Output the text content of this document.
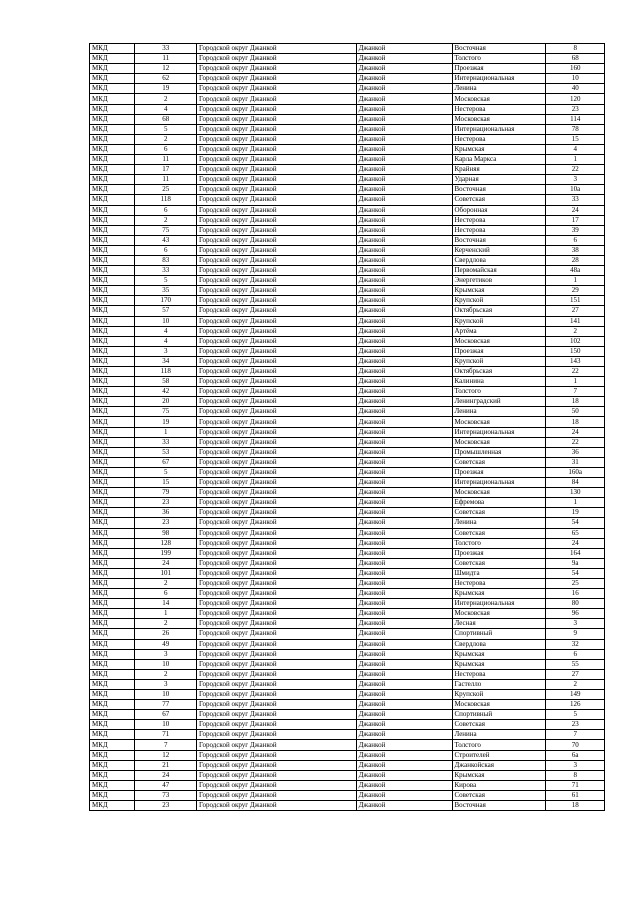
МКД	33	Городской округ Джанкой	Джанкой	Восточная	8
МКД	11	Городской округ Джанкой	Джанкой	Толстого	68
МКД	12	Городской округ Джанкой	Джанкой	Проезжая	160
МКД	62	Городской округ Джанкой	Джанкой	Интернациональная	10
МКД	19	Городской округ Джанкой	Джанкой	Ленина	40
МКД	2	Городской округ Джанкой	Джанкой	Московская	120
МКД	4	Городской округ Джанкой	Джанкой	Нестерова	23
МКД	68	Городской округ Джанкой	Джанкой	Московская	114
МКД	5	Городской округ Джанкой	Джанкой	Интернациональная	78
МКД	2	Городской округ Джанкой	Джанкой	Нестерова	15
МКД	6	Городской округ Джанкой	Джанкой	Крымская	4
МКД	11	Городской округ Джанкой	Джанкой	Карла Маркса	1
МКД	17	Городской округ Джанкой	Джанкой	Крайняя	22
МКД	11	Городской округ Джанкой	Джанкой	Ударная	3
МКД	25	Городской округ Джанкой	Джанкой	Восточная	10а
МКД	118	Городской округ Джанкой	Джанкой	Советская	33
МКД	6	Городской округ Джанкой	Джанкой	Оборонная	24
МКД	2	Городской округ Джанкой	Джанкой	Нестерова	17
МКД	75	Городской округ Джанкой	Джанкой	Нестерова	39
МКД	43	Городской округ Джанкой	Джанкой	Восточная	6
МКД	6	Городской округ Джанкой	Джанкой	Керченский	38
МКД	83	Городской округ Джанкой	Джанкой	Свердлова	28
МКД	33	Городской округ Джанкой	Джанкой	Первомайская	48а
МКД	5	Городской округ Джанкой	Джанкой	Энергетиков	1
МКД	35	Городской округ Джанкой	Джанкой	Крымская	29
МКД	170	Городской округ Джанкой	Джанкой	Крупской	151
МКД	57	Городской округ Джанкой	Джанкой	Октябрьская	27
МКД	10	Городской округ Джанкой	Джанкой	Крупской	141
МКД	4	Городской округ Джанкой	Джанкой	Артёма	2
МКД	4	Городской округ Джанкой	Джанкой	Московская	102
МКД	3	Городской округ Джанкой	Джанкой	Проезжая	150
МКД	34	Городской округ Джанкой	Джанкой	Крупской	143
МКД	118	Городской округ Джанкой	Джанкой	Октябрьская	22
МКД	58	Городской округ Джанкой	Джанкой	Калинина	1
МКД	42	Городской округ Джанкой	Джанкой	Толстого	7
МКД	20	Городской округ Джанкой	Джанкой	Ленинградский	18
МКД	75	Городской округ Джанкой	Джанкой	Ленина	50
МКД	19	Городской округ Джанкой	Джанкой	Московская	18
МКД	1	Городской округ Джанкой	Джанкой	Интернациональная	24
МКД	33	Городской округ Джанкой	Джанкой	Московская	22
МКД	53	Городской округ Джанкой	Джанкой	Промышленная	36
МКД	67	Городской округ Джанкой	Джанкой	Советская	31
МКД	5	Городской округ Джанкой	Джанкой	Проезжая	160а
МКД	15	Городской округ Джанкой	Джанкой	Интернациональная	84
МКД	79	Городской округ Джанкой	Джанкой	Московская	130
МКД	23	Городской округ Джанкой	Джанкой	Ефремова	1
МКД	36	Городской округ Джанкой	Джанкой	Советская	19
МКД	23	Городской округ Джанкой	Джанкой	Ленина	54
МКД	98	Городской округ Джанкой	Джанкой	Советская	65
МКД	128	Городской округ Джанкой	Джанкой	Толстого	24
МКД	199	Городской округ Джанкой	Джанкой	Проезжая	164
МКД	24	Городской округ Джанкой	Джанкой	Советская	9а
МКД	101	Городской округ Джанкой	Джанкой	Шмидта	54
МКД	2	Городской округ Джанкой	Джанкой	Нестерова	25
МКД	6	Городской округ Джанкой	Джанкой	Крымская	16
МКД	14	Городской округ Джанкой	Джанкой	Интернациональная	80
МКД	1	Городской округ Джанкой	Джанкой	Московская	96
МКД	2	Городской округ Джанкой	Джанкой	Лесная	3
МКД	26	Городской округ Джанкой	Джанкой	Спортивный	9
МКД	49	Городской округ Джанкой	Джанкой	Свердлова	32
МКД	3	Городской округ Джанкой	Джанкой	Крымская	6
МКД	10	Городской округ Джанкой	Джанкой	Крымская	55
МКД	2	Городской округ Джанкой	Джанкой	Нестерова	27
МКД	3	Городской округ Джанкой	Джанкой	Гастелло	2
МКД	10	Городской округ Джанкой	Джанкой	Крупской	149
МКД	77	Городской округ Джанкой	Джанкой	Московская	126
МКД	67	Городской округ Джанкой	Джанкой	Спортивный	5
МКД	10	Городской округ Джанкой	Джанкой	Советская	23
МКД	71	Городской округ Джанкой	Джанкой	Ленина	7
МКД	7	Городской округ Джанкой	Джанкой	Толстого	70
МКД	12	Городской округ Джанкой	Джанкой	Строителей	6а
МКД	21	Городской округ Джанкой	Джанкой	Джанкойская	3
МКД	24	Городской округ Джанкой	Джанкой	Крымская	8
МКД	47	Городской округ Джанкой	Джанкой	Кирова	71
МКД	73	Городской округ Джанкой	Джанкой	Советская	61
МКД	23	Городской округ Джанкой	Джанкой	Восточная	18
